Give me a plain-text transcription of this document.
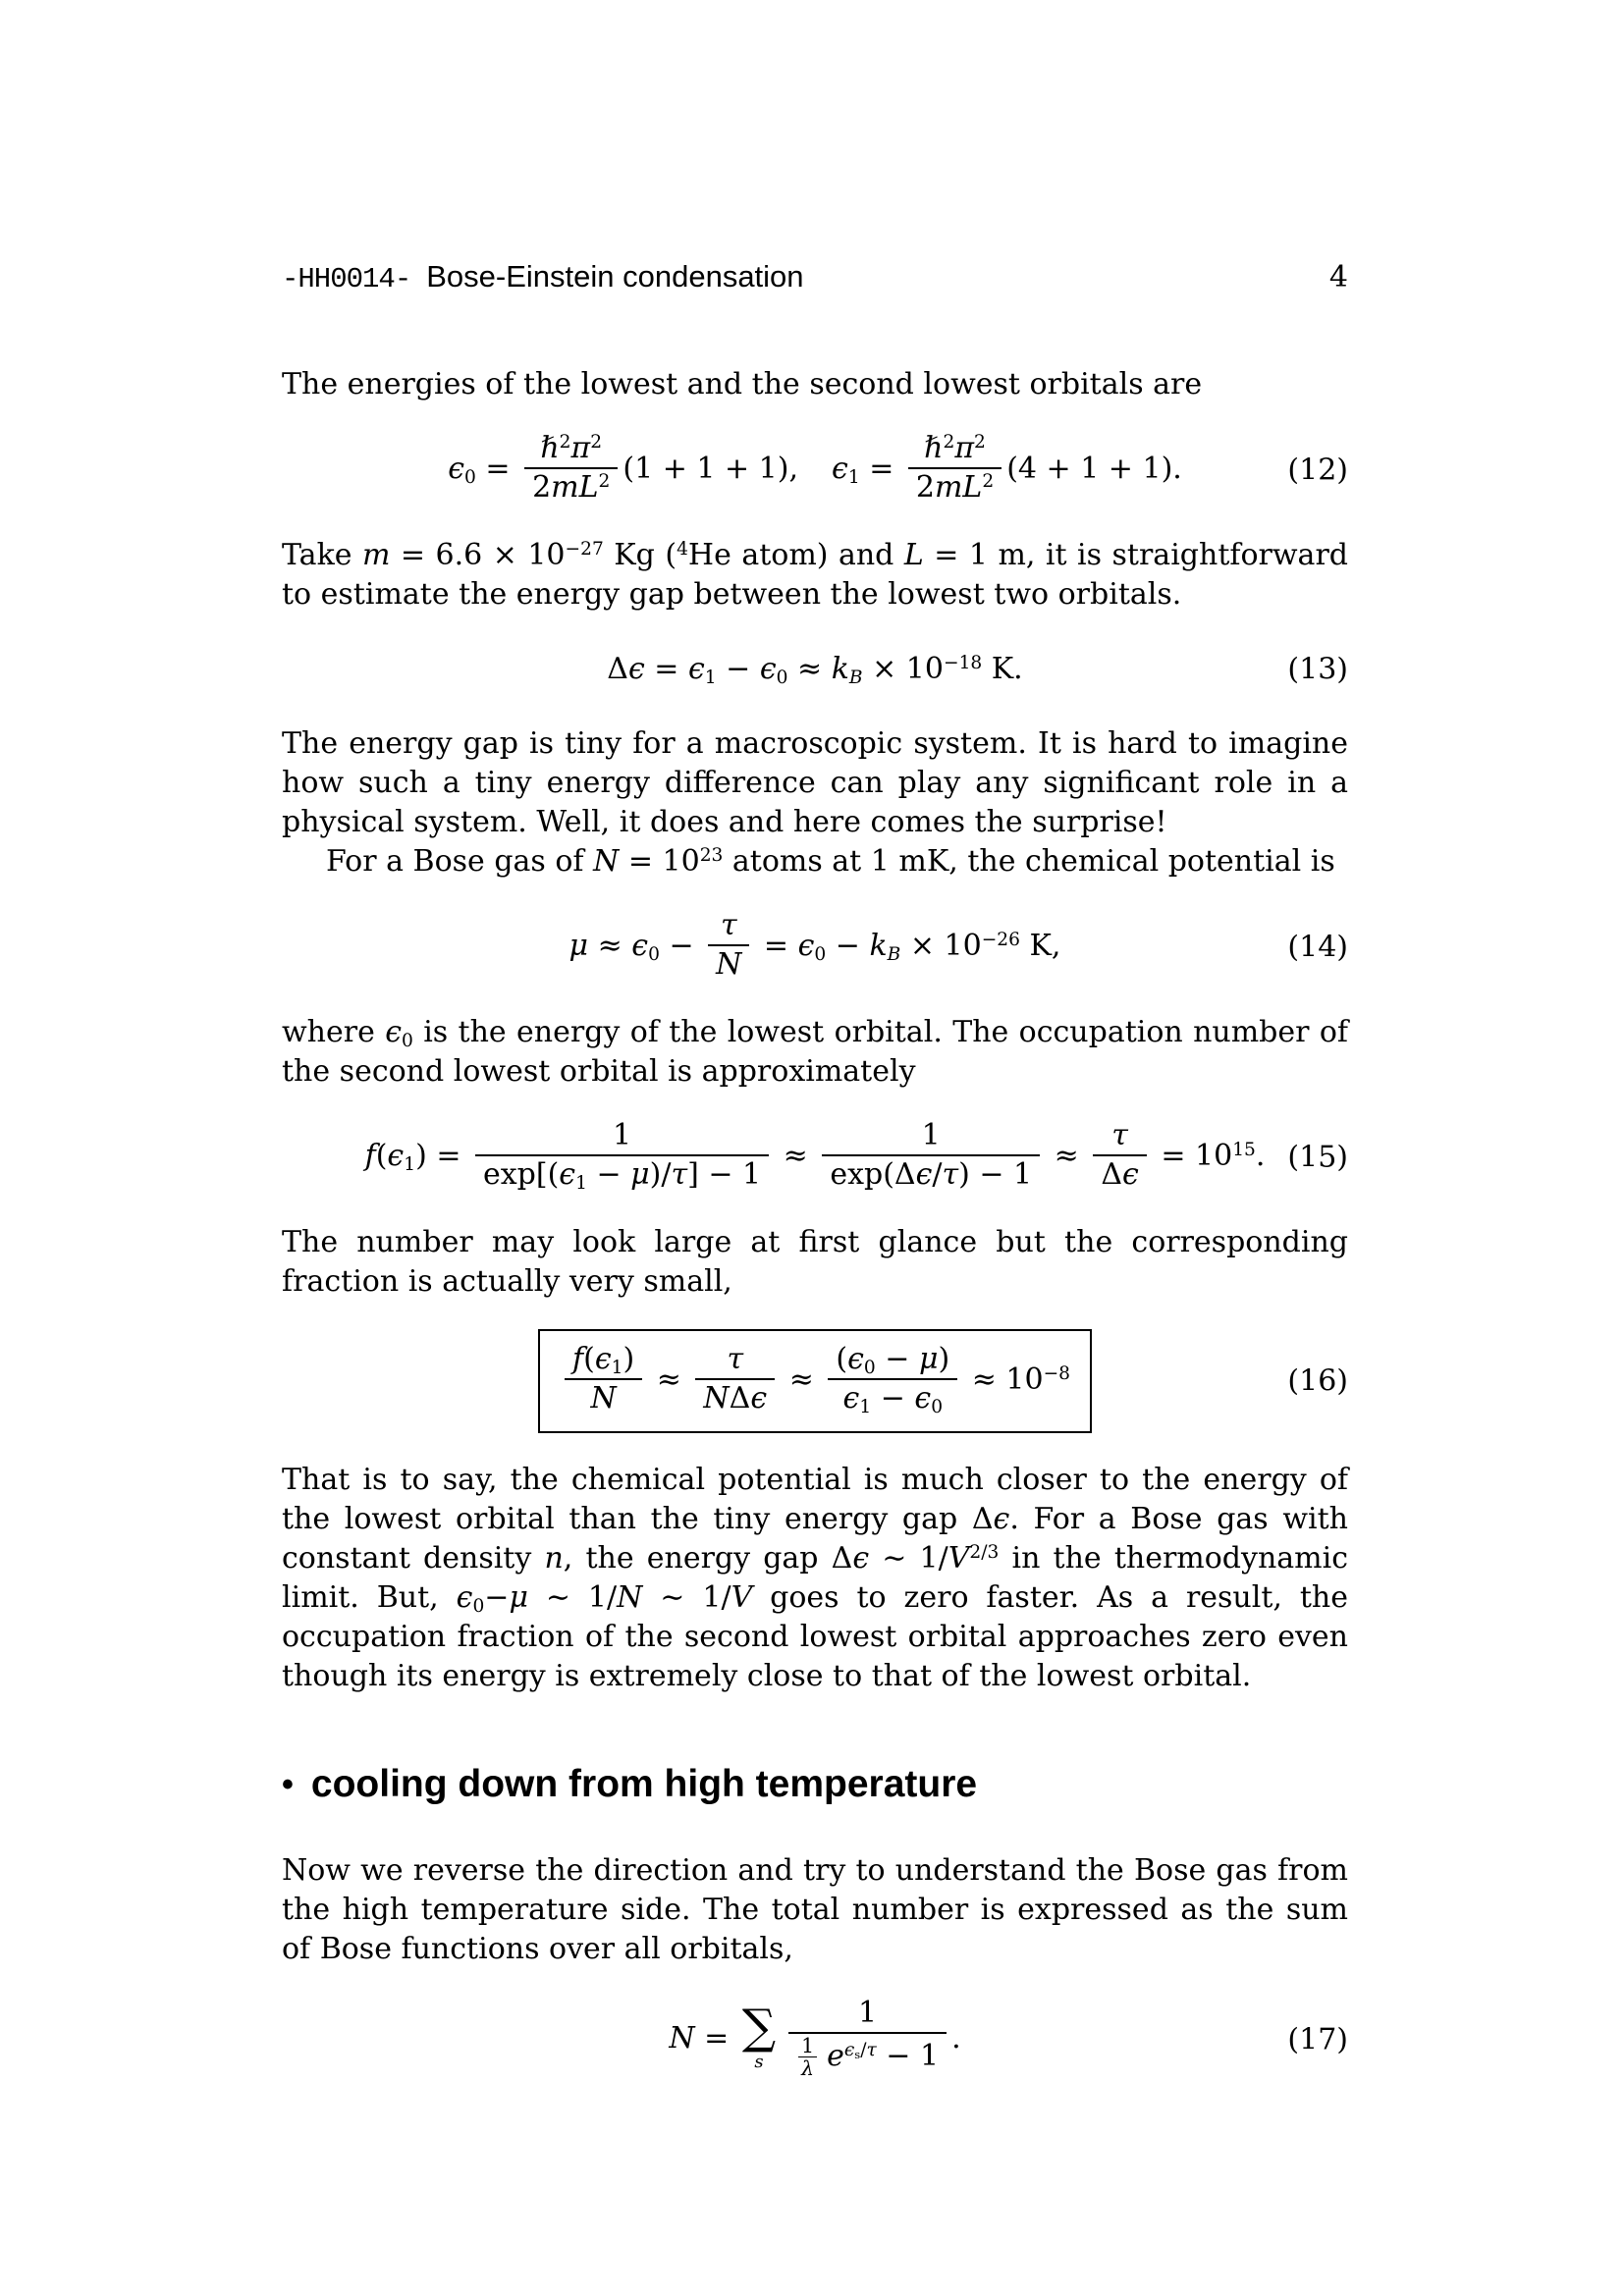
-HH0014- Bose-Einstein condensation	4

The energies of the lowest and the second lowest orbitals are

$\epsilon_0 = \frac{\hbar^2\pi^2}{2mL^2} (1 + 1 + 1)$, $\epsilon_1 = \frac{\hbar^2\pi^2}{2mL^2} (4 + 1 + 1)$.	(12)

Take $m = 6.6 \times 10^{-27}$ Kg ($^4$He atom) and L = 1 m, it is straightforward to estimate the energy gap between the lowest two orbitals.

$\Delta\epsilon = \epsilon_1 - \epsilon_0 \approx k_B \times 10^{-18}$ K.	(13)

The energy gap is tiny for a macroscopic system. It is hard to imagine how such a tiny energy difference can play any significant role in a physical system. Well, it does and here comes the surprise!

For a Bose gas of $N = 10^{23}$ atoms at 1 mK, the chemical potential is

$\mu \approx \epsilon_0 - \frac{\tau}{N} = \epsilon_0 - k_B \times 10^{-26}$ K,	(14)

where $\epsilon_0$ is the energy of the lowest orbital. The occupation number of the second lowest orbital is approximately

$f(\epsilon_1) = \frac{1}{\exp[(\epsilon_1 - \mu)/\tau] - 1} \approx \frac{1}{\exp(\Delta\epsilon/\tau) - 1} \approx \frac{\tau}{\Delta\epsilon} = 10^{15}$. (15)

The number may look large at first glance but the corresponding fraction is actually very small,

$\frac{f(\epsilon_1)}{N} \approx \frac{\tau}{\text{NΔϵ}} \approx \frac{(\epsilon_0 - \mu)}{\epsilon_1 - \epsilon_0} \approx 10^{-8}$	(16)

That is to say, the chemical potential is much closer to the energy of the lowest orbital than the tiny energy gap Δϵ. For a Bose gas with constant density n, the energy gap Δϵ ∼ $1/V^{2/3}$ in the thermodynamic limit. But, $\epsilon_0-\mu$ ∼ 1/N ∼ 1/V goes to zero faster. As a result, the occupation fraction of the second lowest orbital approaches zero even though its energy is extremely close to that of the lowest orbital.

• cooling down from high temperature

Now we reverse the direction and try to understand the Bose gas from the high temperature side. The total number is expressed as the sum of Bose functions over all orbitals,

N = ∑
s $\frac{1}{\frac{1}{\lambda} e^{\epsilon_s/\tau} - 1}$ .	(17)
